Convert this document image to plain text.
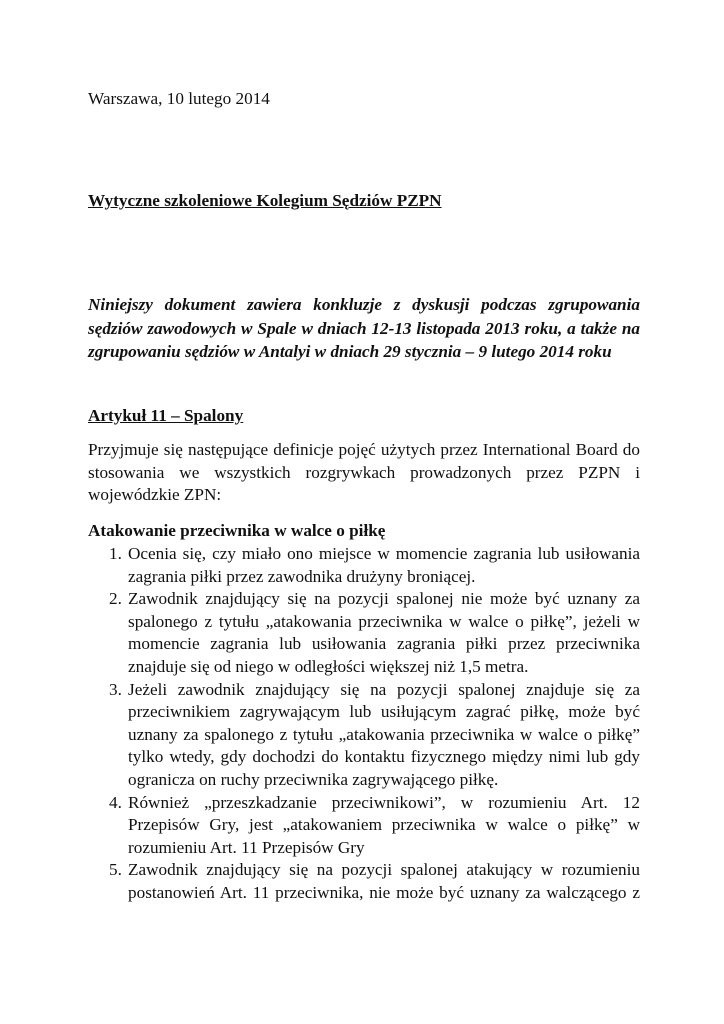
Warszawa, 10 lutego 2014
Wytyczne szkoleniowe Kolegium Sędziów PZPN
Niniejszy dokument zawiera konkluzje z dyskusji podczas zgrupowania sędziów zawodowych w Spale w dniach 12-13 listopada 2013 roku, a także na zgrupowaniu sędziów w Antalyi w dniach 29 stycznia – 9 lutego 2014 roku
Artykuł 11 – Spalony
Przyjmuje się następujące definicje pojęć użytych przez International Board do stosowania we wszystkich rozgrywkach prowadzonych przez PZPN i wojewódzkie ZPN:
Atakowanie przeciwnika w walce o piłkę
1. Ocenia się, czy miało ono miejsce w momencie zagrania lub usiłowania zagrania piłki przez zawodnika drużyny broniącej.
2. Zawodnik znajdujący się na pozycji spalonej nie może być uznany za spalonego z tytułu „atakowania przeciwnika w walce o piłkę”, jeżeli w momencie zagrania lub usiłowania zagrania piłki przez przeciwnika znajduje się od niego w odległości większej niż 1,5 metra.
3. Jeżeli zawodnik znajdujący się na pozycji spalonej znajduje się za przeciwnikiem zagrywającym lub usiłującym zagrać piłkę, może być uznany za spalonego z tytułu „atakowania przeciwnika w walce o piłkę” tylko wtedy, gdy dochodzi do kontaktu fizycznego między nimi lub gdy ogranicza on ruchy przeciwnika zagrywającego piłkę.
4. Również „przeszkadzanie przeciwnikowi”, w rozumieniu Art. 12 Przepisów Gry, jest „atakowaniem przeciwnika w walce o piłkę” w rozumieniu Art. 11 Przepisów Gry
5. Zawodnik znajdujący się na pozycji spalonej atakujący w rozumieniu postanowień Art. 11 przeciwnika, nie może być uznany za walczącego z
